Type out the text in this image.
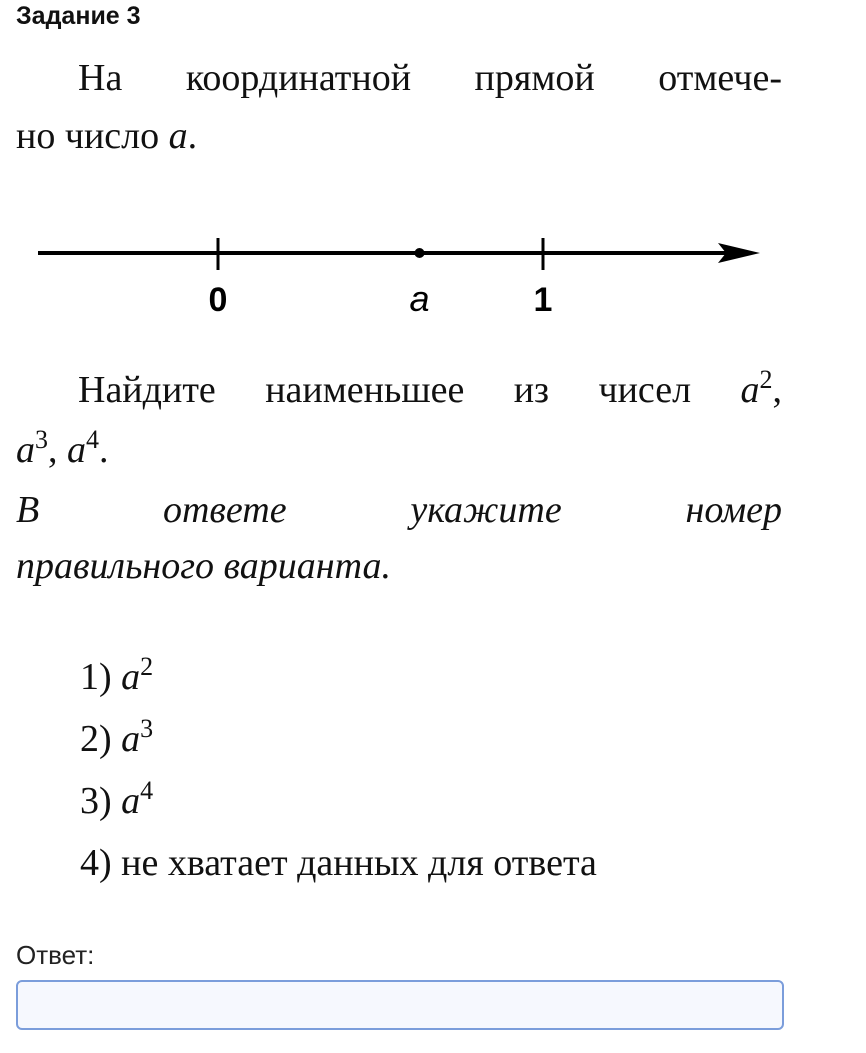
Задание 3
На координатной прямой отмече-
но число a.
0	a	1
Найдите наименьшее из чисел $a^2$,
$a^3$, $a^4$.
В ответе укажите номер
правильного варианта.
1) $a^2$
2) $a^3$
3) $a^4$
4) не хватает данных для ответа
Ответ:
